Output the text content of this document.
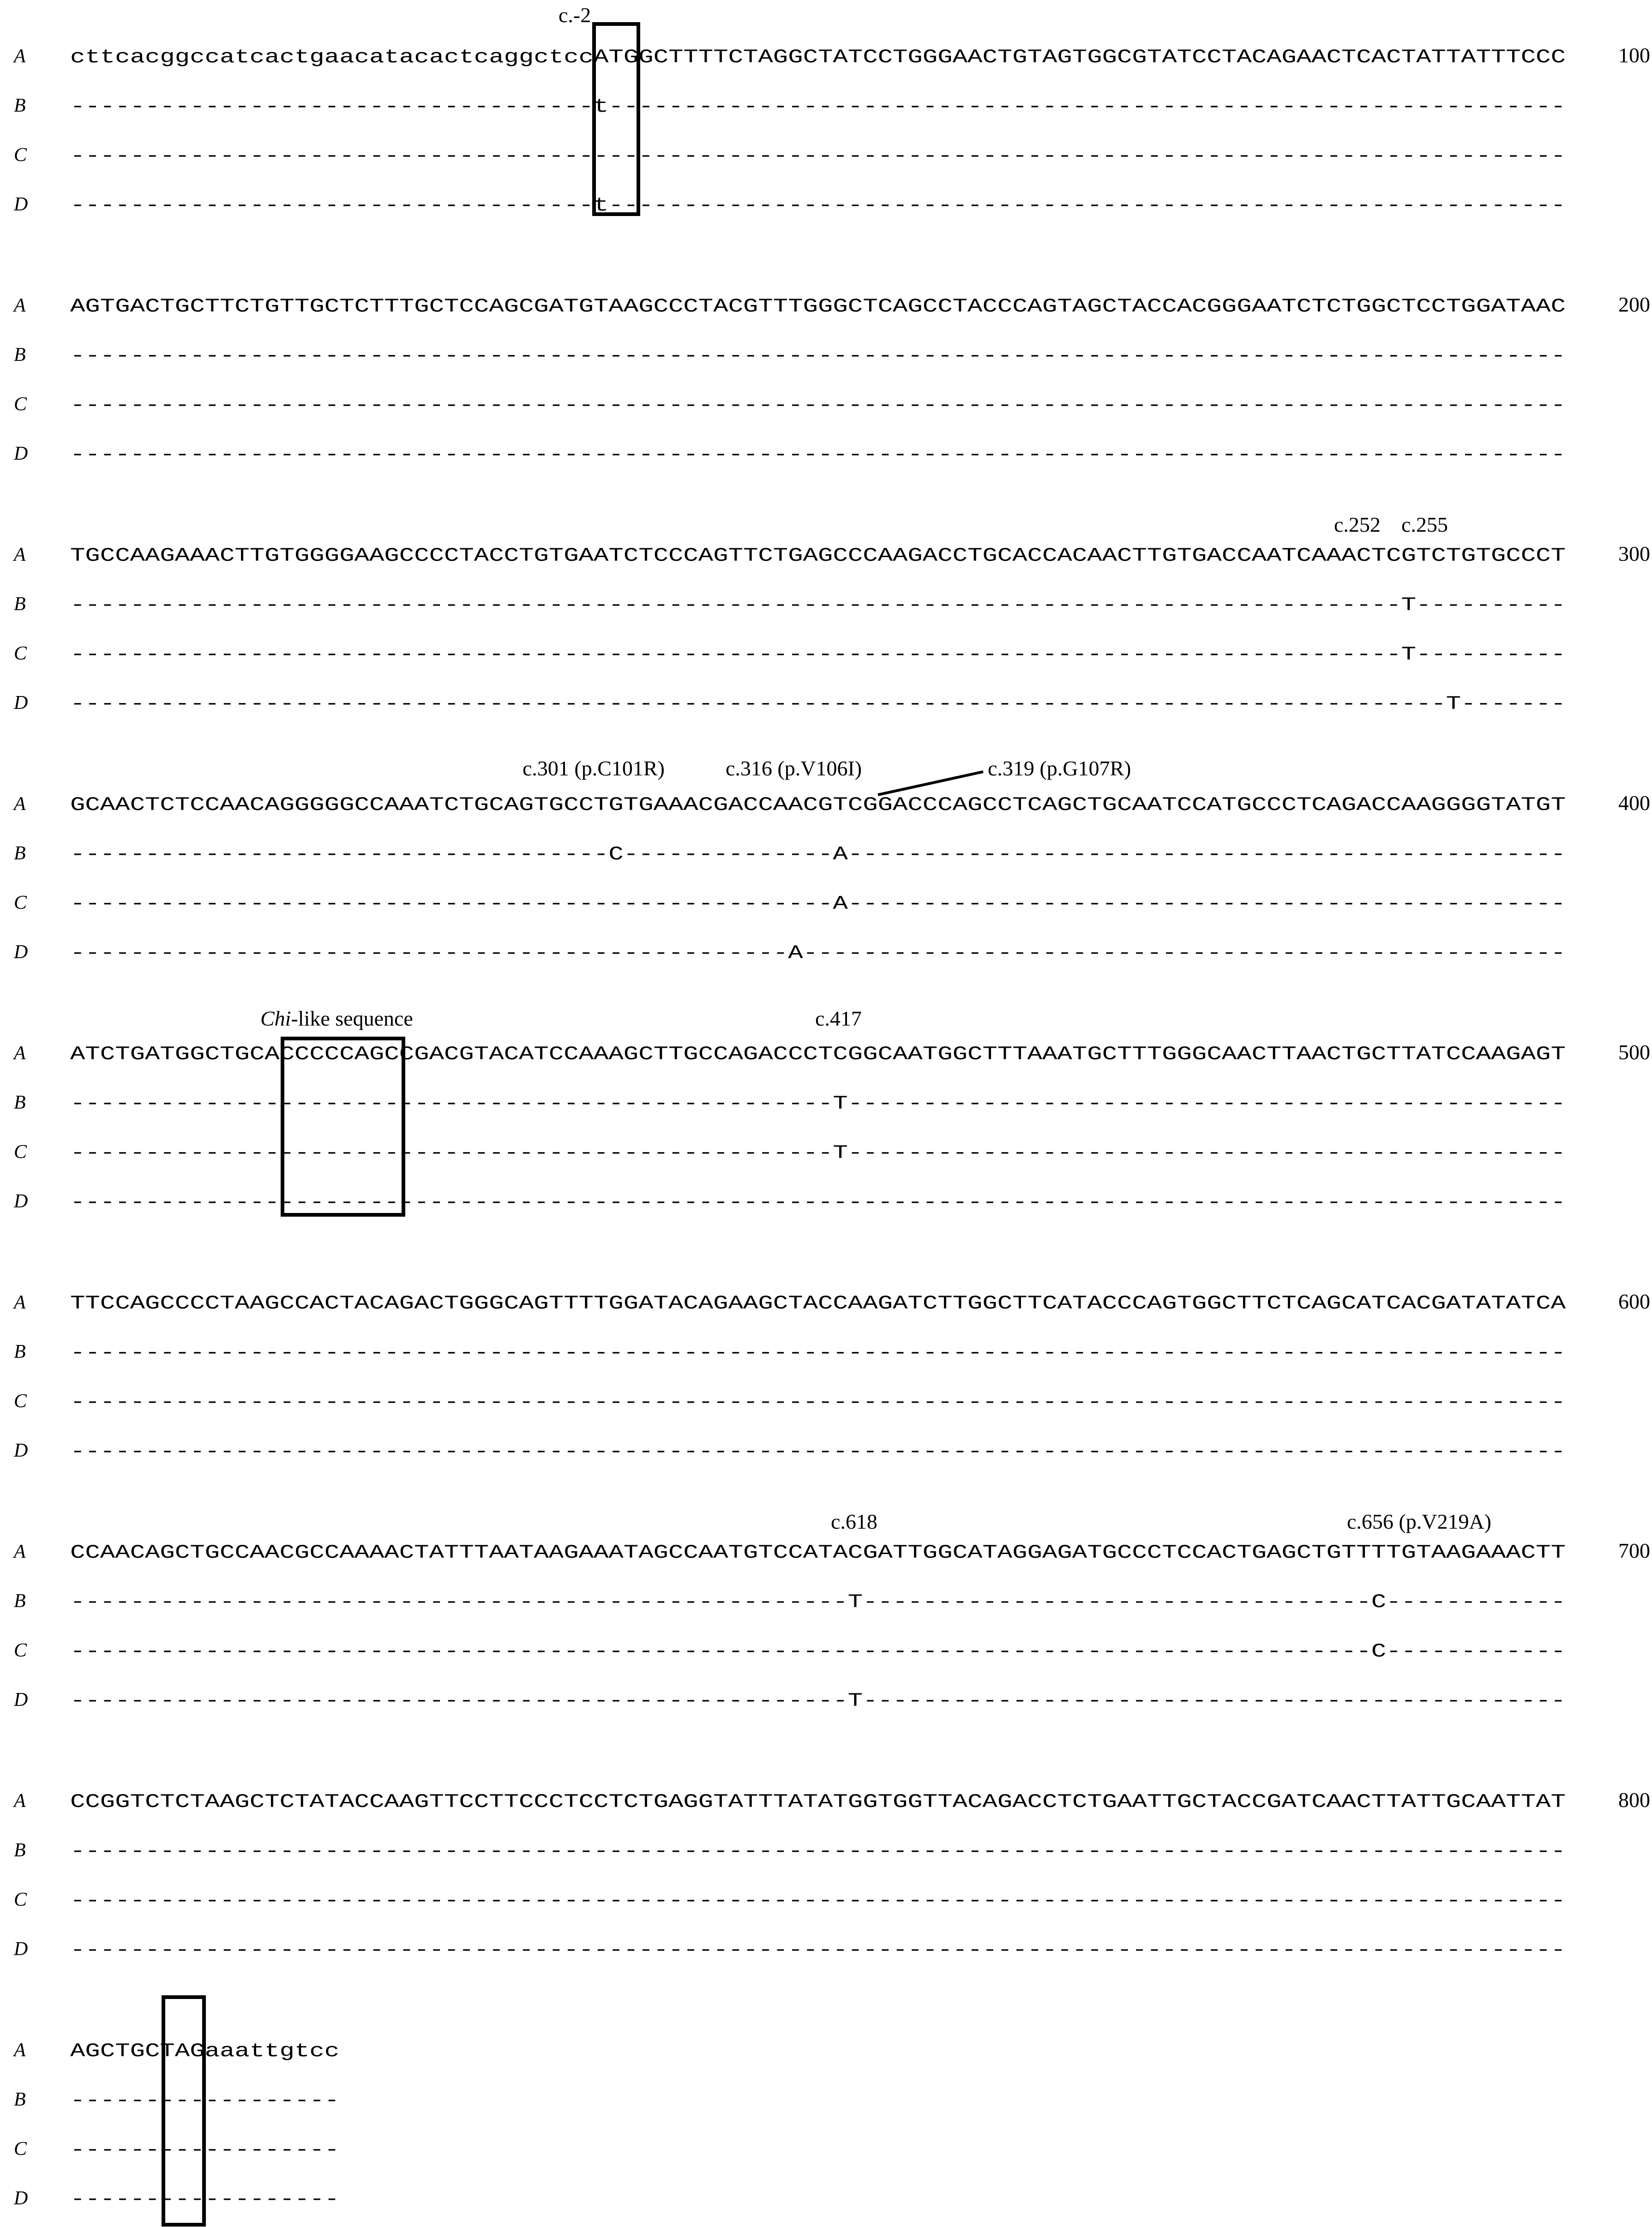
A cttcacggccatcactgaacatacactcaggctccATGGCTTTTCTAGGCTATCCTGGGAACTGTAGTGGCGTATCCTACAGAACTCACTATTATTTCCC
B -----------------------------------t----------------------------------------------------------------
C ----------------------------------------------------------------------------------------------------
D -----------------------------------t----------------------------------------------------------------
100
A AGTGACTGCTTCTGTTGCTCTTTGCTCCAGCGATGTAAGCCCTACGTTTGGGCTCAGCCTACCCAGTAGCTACCACGGGAATCTCTGGCTCCTGGATAAC
B ----------------------------------------------------------------------------------------------------
C ----------------------------------------------------------------------------------------------------
D ----------------------------------------------------------------------------------------------------
200
A TGCCAAGAAACTTGTGGGGAAGCCCCTACCTGTGAATCTCCCAGTTCTGAGCCCAAGACCTGCACCACAACTTGTGACCAATCAAACTCGTCTGTGCCCT
B -----------------------------------------------------------------------------------------T----------
C -----------------------------------------------------------------------------------------T----------
D --------------------------------------------------------------------------------------------T-------
300
A GCAACTCTCCAACAGGGGGCCAAATCTGCAGTGCCTGTGAAACGACCAACGTCGGACCCAGCCTCAGCTGCAATCCATGCCCTCAGACCAAGGGGTATGT
B ------------------------------------C--------------A------------------------------------------------
C ---------------------------------------------------A------------------------------------------------
D ------------------------------------------------A---------------------------------------------------
400
A ATCTGATGGCTGCACCCCCAGCCGACGTACATCCAAAGCTTGCCAGACCCTCGGCAATGGCTTTAAATGCTTTGGGCAACTTAACTGCTTATCCAAGAGT
B ---------------------------------------------------T------------------------------------------------
C ---------------------------------------------------T------------------------------------------------
D ----------------------------------------------------------------------------------------------------
500
A TTCCAGCCCCTAAGCCACTACAGACTGGGCAGTTTTGGATACAGAAGCTACCAAGATCTTGGCTTCATACCCAGTGGCTTCTCAGCATCACGATATATCA
B ----------------------------------------------------------------------------------------------------
C ----------------------------------------------------------------------------------------------------
D ----------------------------------------------------------------------------------------------------
600
A CCAACAGCTGCCAACGCCAAAACTATTTAATAAGAAATAGCCAATGTCCATACGATTGGCATAGGAGATGCCCTCCACTGAGCTGTTTTGTAAGAAACTT
B ----------------------------------------------------T----------------------------------C------------
C ---------------------------------------------------------------------------------------C------------
D ----------------------------------------------------T-----------------------------------------------
700
A CCGGTCTCTAAGCTCTATACCAAGTTCCTTCCCTCCTCTGAGGTATTTATATGGTGGTTACAGACCTCTGAATTGCTACCGATCAACTTATTGCAATTAT
B ----------------------------------------------------------------------------------------------------
C ----------------------------------------------------------------------------------------------------
D ----------------------------------------------------------------------------------------------------
800
A AGCTGCTAGaaattgtcc
B ------------------
C ------------------
D ------------------
c.-2
c.252 c.255
c.301 (p.C101R)	c.316 (p.V106I)	c.319 (p.G107R)
Chi-like sequence	c.417
c.618	c.656 (p.V219A)
